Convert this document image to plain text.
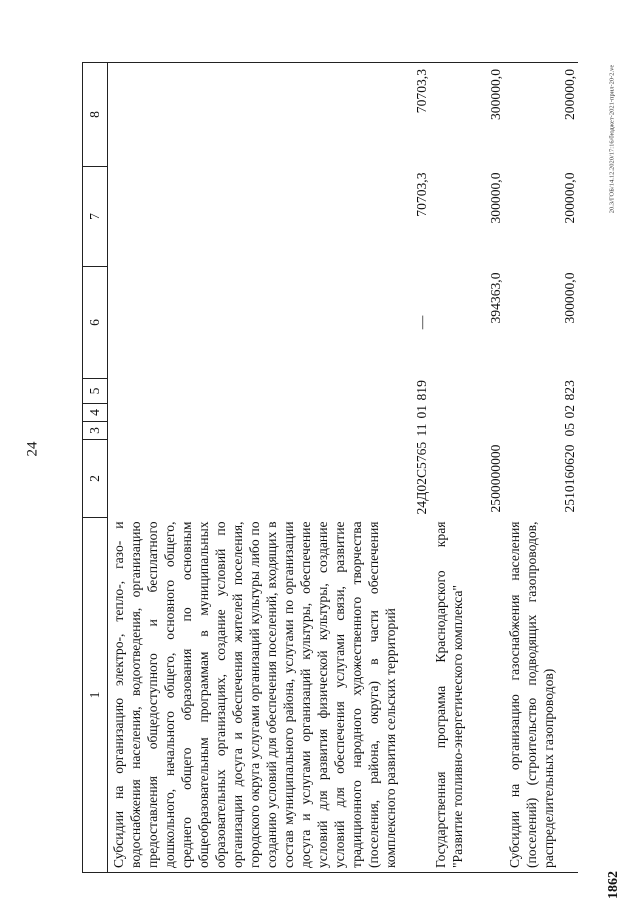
24
20.3/ГОБ/14.12.2020/17:16/бюджет-2021-прил-20-2.ve
1862
1	2	3	4	5	6	7	8
Субсидии на организацию электро-, тепло-, газо- и водоснабжения населения, водоотведения, организацию предоставления общедоступного и бесплатного дошкольного, начального общего, основного общего, среднего общего образования по основным общеобразовательным программам в муниципальных образовательных организациях, создание условий по организации досуга и обеспечения жителей поселения, городского округа услугами организаций культуры либо по созданию условий для обеспечения поселений, входящих в состав муниципального района, услугами по организации досуга и услугами организаций культуры, обеспечение условий для развития физической культуры, создание условий для обеспечения услугами связи, развитие традиционного народного художественного творчества (поселения, района, округа) в части обеспечения комплексного развития сельских территорий	24Д02С5765	11	01	819	—	70703,3	70703,3
Государственная программа Краснодарского края "Развитие топливно-энергетического комплекса"	2500000000				394363,0	300000,0	300000,0
Субсидии на организацию газоснабжения населения (поселений) (строительство подводящих газопроводов, распределительных газопроводов)	2510160620	05	02	823	300000,0	200000,0	200000,0
